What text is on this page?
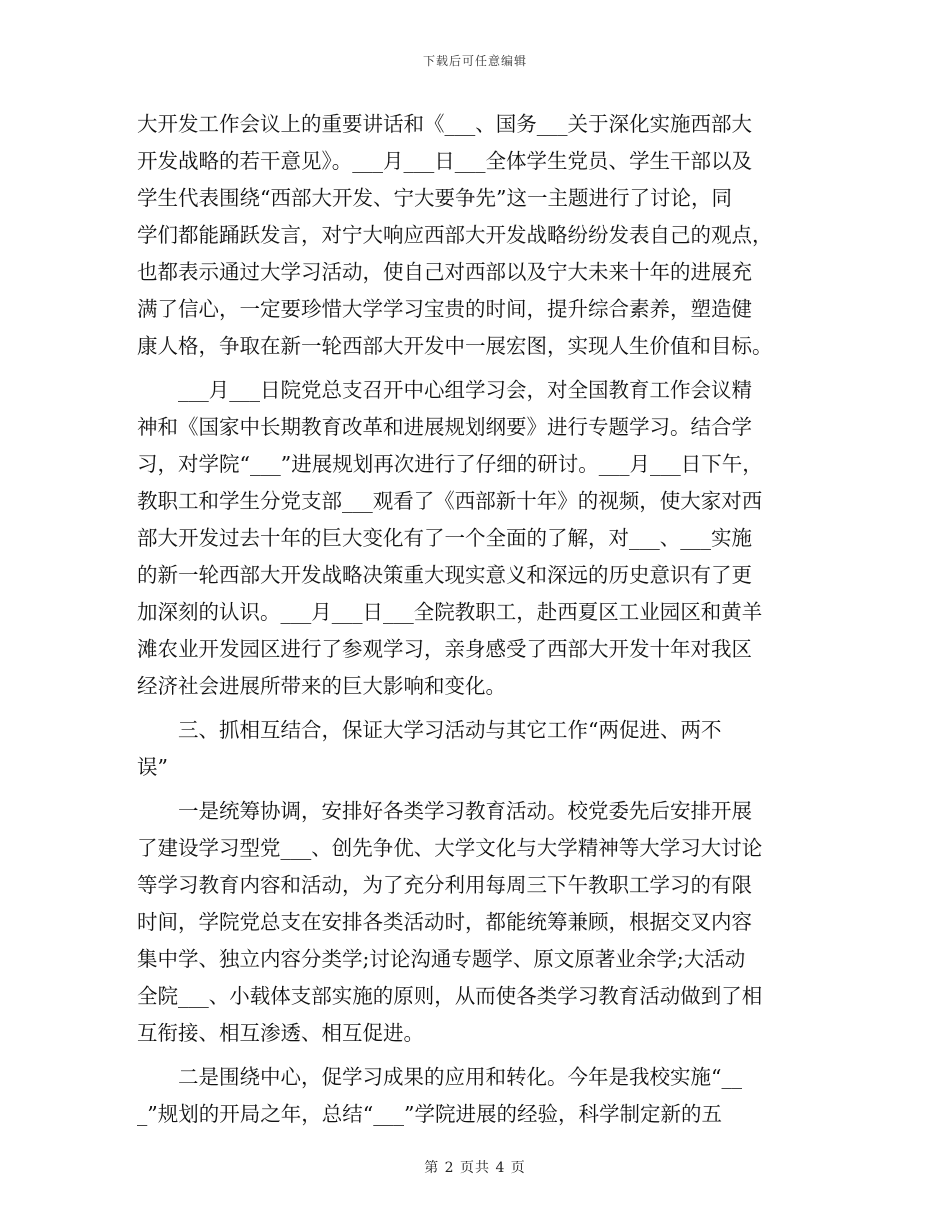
下载后可任意编辑
大开发工作会议上的重要讲话和《___、国务___关于深化实施西部大
开发战略的若干意见》。___月___日___全体学生党员、学生干部以及
学生代表围绕“西部大开发、宁大要争先”这一主题进行了讨论，同
学们都能踊跃发言，对宁大响应西部大开发战略纷纷发表自己的观点，
也都表示通过大学习活动，使自己对西部以及宁大未来十年的进展充
满了信心，一定要珍惜大学学习宝贵的时间，提升综合素养，塑造健
康人格，争取在新一轮西部大开发中一展宏图，实现人生价值和目标。
　　___月___日院党总支召开中心组学习会，对全国教育工作会议精
神和《国家中长期教育改革和进展规划纲要》进行专题学习。结合学
习，对学院“___”进展规划再次进行了仔细的研讨。___月___日下午，
教职工和学生分党支部___观看了《西部新十年》的视频，使大家对西
部大开发过去十年的巨大变化有了一个全面的了解，对___、___实施
的新一轮西部大开发战略决策重大现实意义和深远的历史意识有了更
加深刻的认识。___月___日___全院教职工，赴西夏区工业园区和黄羊
滩农业开发园区进行了参观学习，亲身感受了西部大开发十年对我区
经济社会进展所带来的巨大影响和变化。
　　三、抓相互结合，保证大学习活动与其它工作“两促进、两不
误”
　　一是统筹协调，安排好各类学习教育活动。校党委先后安排开展
了建设学习型党___、创先争优、大学文化与大学精神等大学习大讨论
等学习教育内容和活动，为了充分利用每周三下午教职工学习的有限
时间，学院党总支在安排各类活动时，都能统筹兼顾，根据交叉内容
集中学、独立内容分类学;讨论沟通专题学、原文原著业余学;大活动
全院___、小载体支部实施的原则，从而使各类学习教育活动做到了相
互衔接、相互渗透、相互促进。
　　二是围绕中心，促学习成果的应用和转化。今年是我校实施“__
_”规划的开局之年，总结“___”学院进展的经验，科学制定新的五
第 2 页共 4 页
